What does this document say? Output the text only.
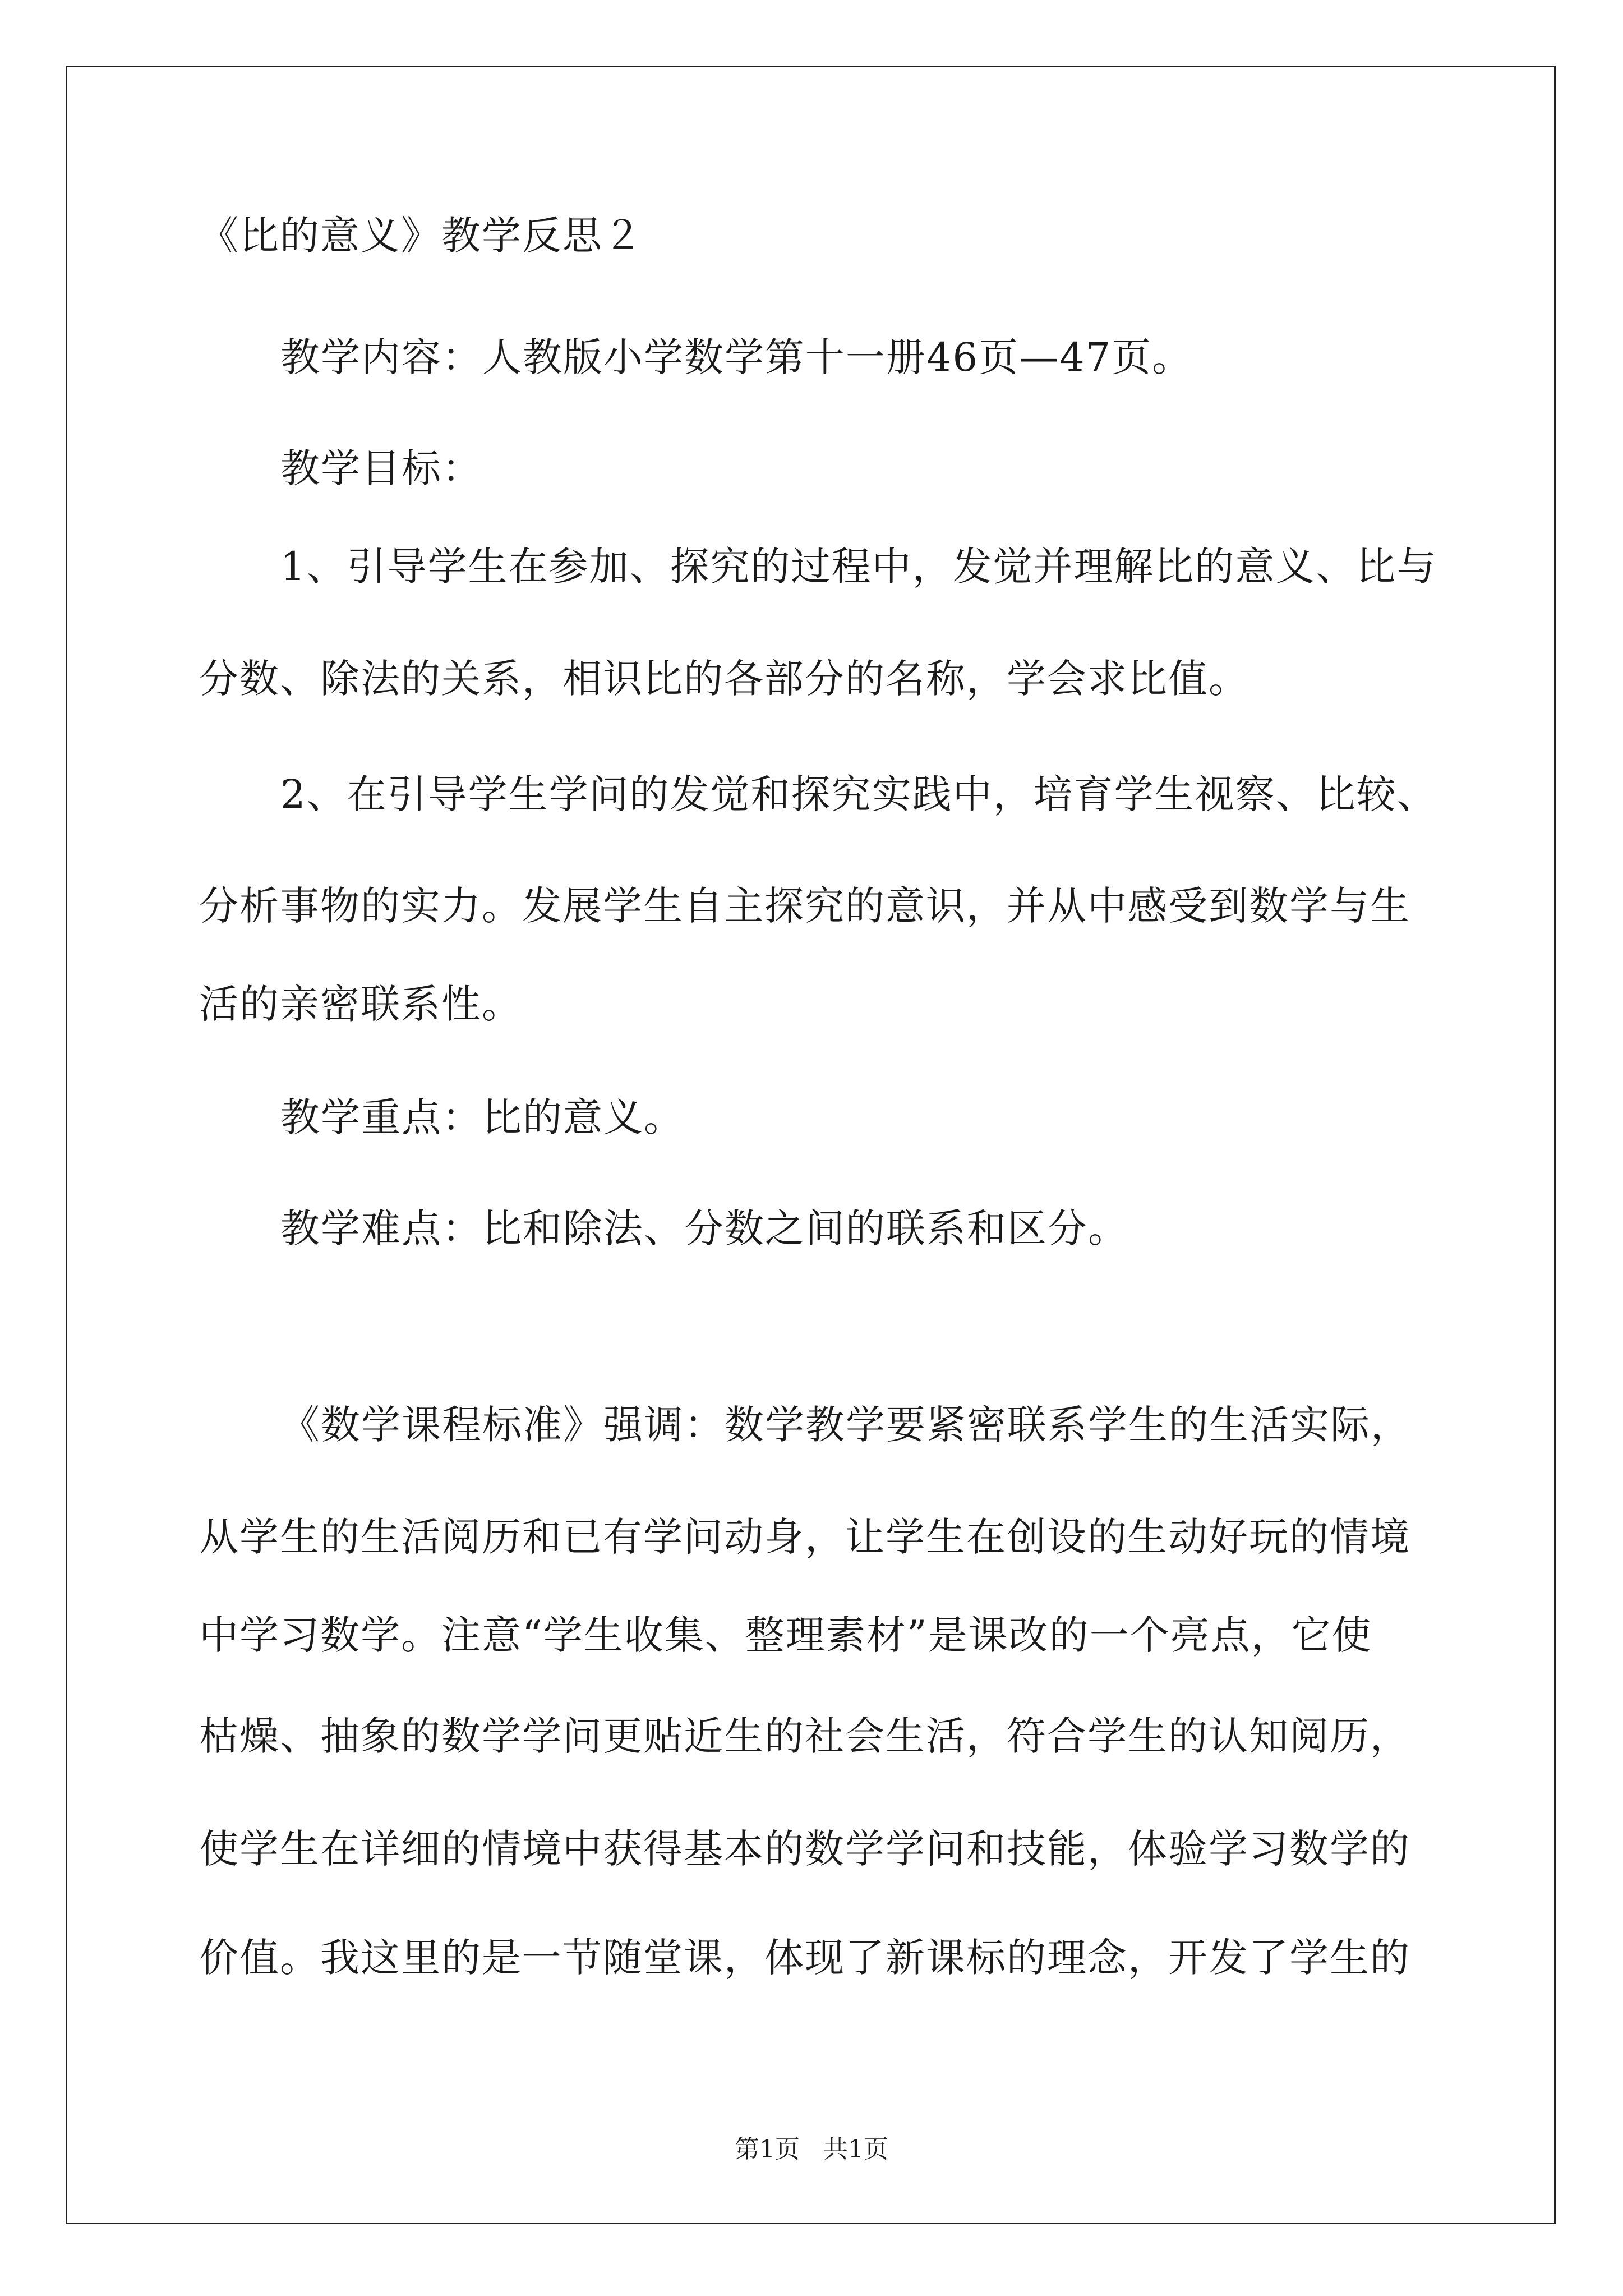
《比的意义》教学反思２
教学内容：人教版小学数学第十一册46页—47页。
教学目标：
1、引导学生在参加、探究的过程中，发觉并理解比的意义、比与
分数、除法的关系，相识比的各部分的名称，学会求比值。
2、在引导学生学问的发觉和探究实践中，培育学生视察、比较、
分析事物的实力。发展学生自主探究的意识，并从中感受到数学与生
活的亲密联系性。
教学重点：比的意义。
教学难点：比和除法、分数之间的联系和区分。
《数学课程标准》强调：数学教学要紧密联系学生的生活实际，
从学生的生活阅历和已有学问动身，让学生在创设的生动好玩的情境
中学习数学。注意“学生收集、整理素材”是课改的一个亮点，它使
枯燥、抽象的数学学问更贴近生的社会生活，符合学生的认知阅历，
使学生在详细的情境中获得基本的数学学问和技能，体验学习数学的
价值。我这里的是一节随堂课，体现了新课标的理念，开发了学生的
第1页   共1页
